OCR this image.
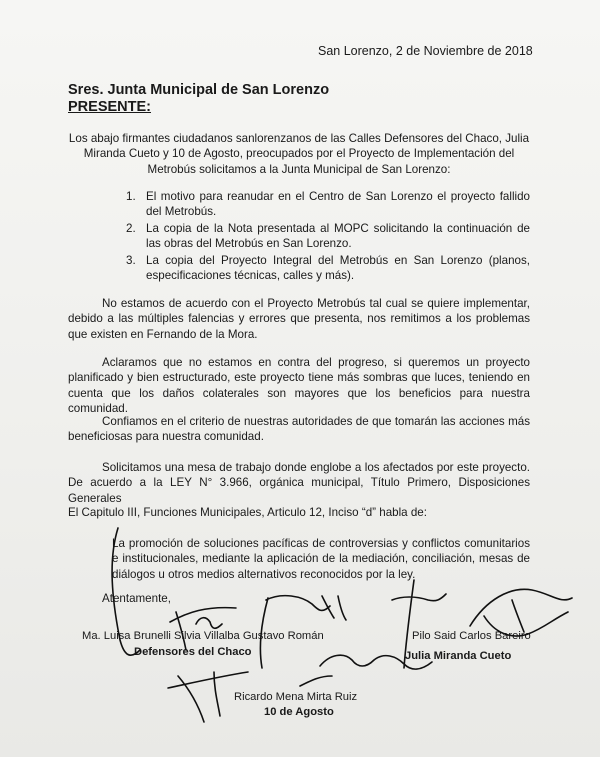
San Lorenzo, 2 de Noviembre de 2018
Sres. Junta Municipal de San Lorenzo
PRESENTE:
Los abajo firmantes ciudadanos sanlorenzanos de las Calles Defensores del Chaco, Julia Miranda Cueto y 10 de Agosto, preocupados por el Proyecto de Implementación del Metrobús solicitamos a la Junta Municipal de San Lorenzo:
1. El motivo para reanudar en el Centro de San Lorenzo el proyecto fallido del Metrobús.
2. La copia de la Nota presentada al MOPC solicitando la continuación de las obras del Metrobús en San Lorenzo.
3. La copia del Proyecto Integral del Metrobús en San Lorenzo (planos, especificaciones técnicas, calles y más).
No estamos de acuerdo con el Proyecto Metrobús tal cual se quiere implementar, debido a las múltiples falencias y errores que presenta, nos remitimos a los problemas que existen en Fernando de la Mora.
Aclaramos que no estamos en contra del progreso, si queremos un proyecto planificado y bien estructurado, este proyecto tiene más sombras que luces, teniendo en cuenta que los daños colaterales son mayores que los beneficios para nuestra comunidad.
Confiamos en el criterio de nuestras autoridades de que tomarán las acciones más beneficiosas para nuestra comunidad.
Solicitamos una mesa de trabajo donde englobe a los afectados por este proyecto. De acuerdo a la LEY N° 3.966, orgánica municipal, Título Primero, Disposiciones Generales
El Capitulo III, Funciones Municipales, Articulo 12, Inciso “d” habla de:
La promoción de soluciones pacíficas de controversias y conflictos comunitarios e institucionales, mediante la aplicación de la mediación, conciliación, mesas de diálogos u otros medios alternativos reconocidos por la ley.
Atentamente,
Ma. Luisa Brunelli Silvia Villalba Gustavo Román
Defensores del Chaco
Pilo Said Carlos Bareiro
Julia Miranda Cueto
Ricardo Mena Mirta Ruiz
10 de Agosto
